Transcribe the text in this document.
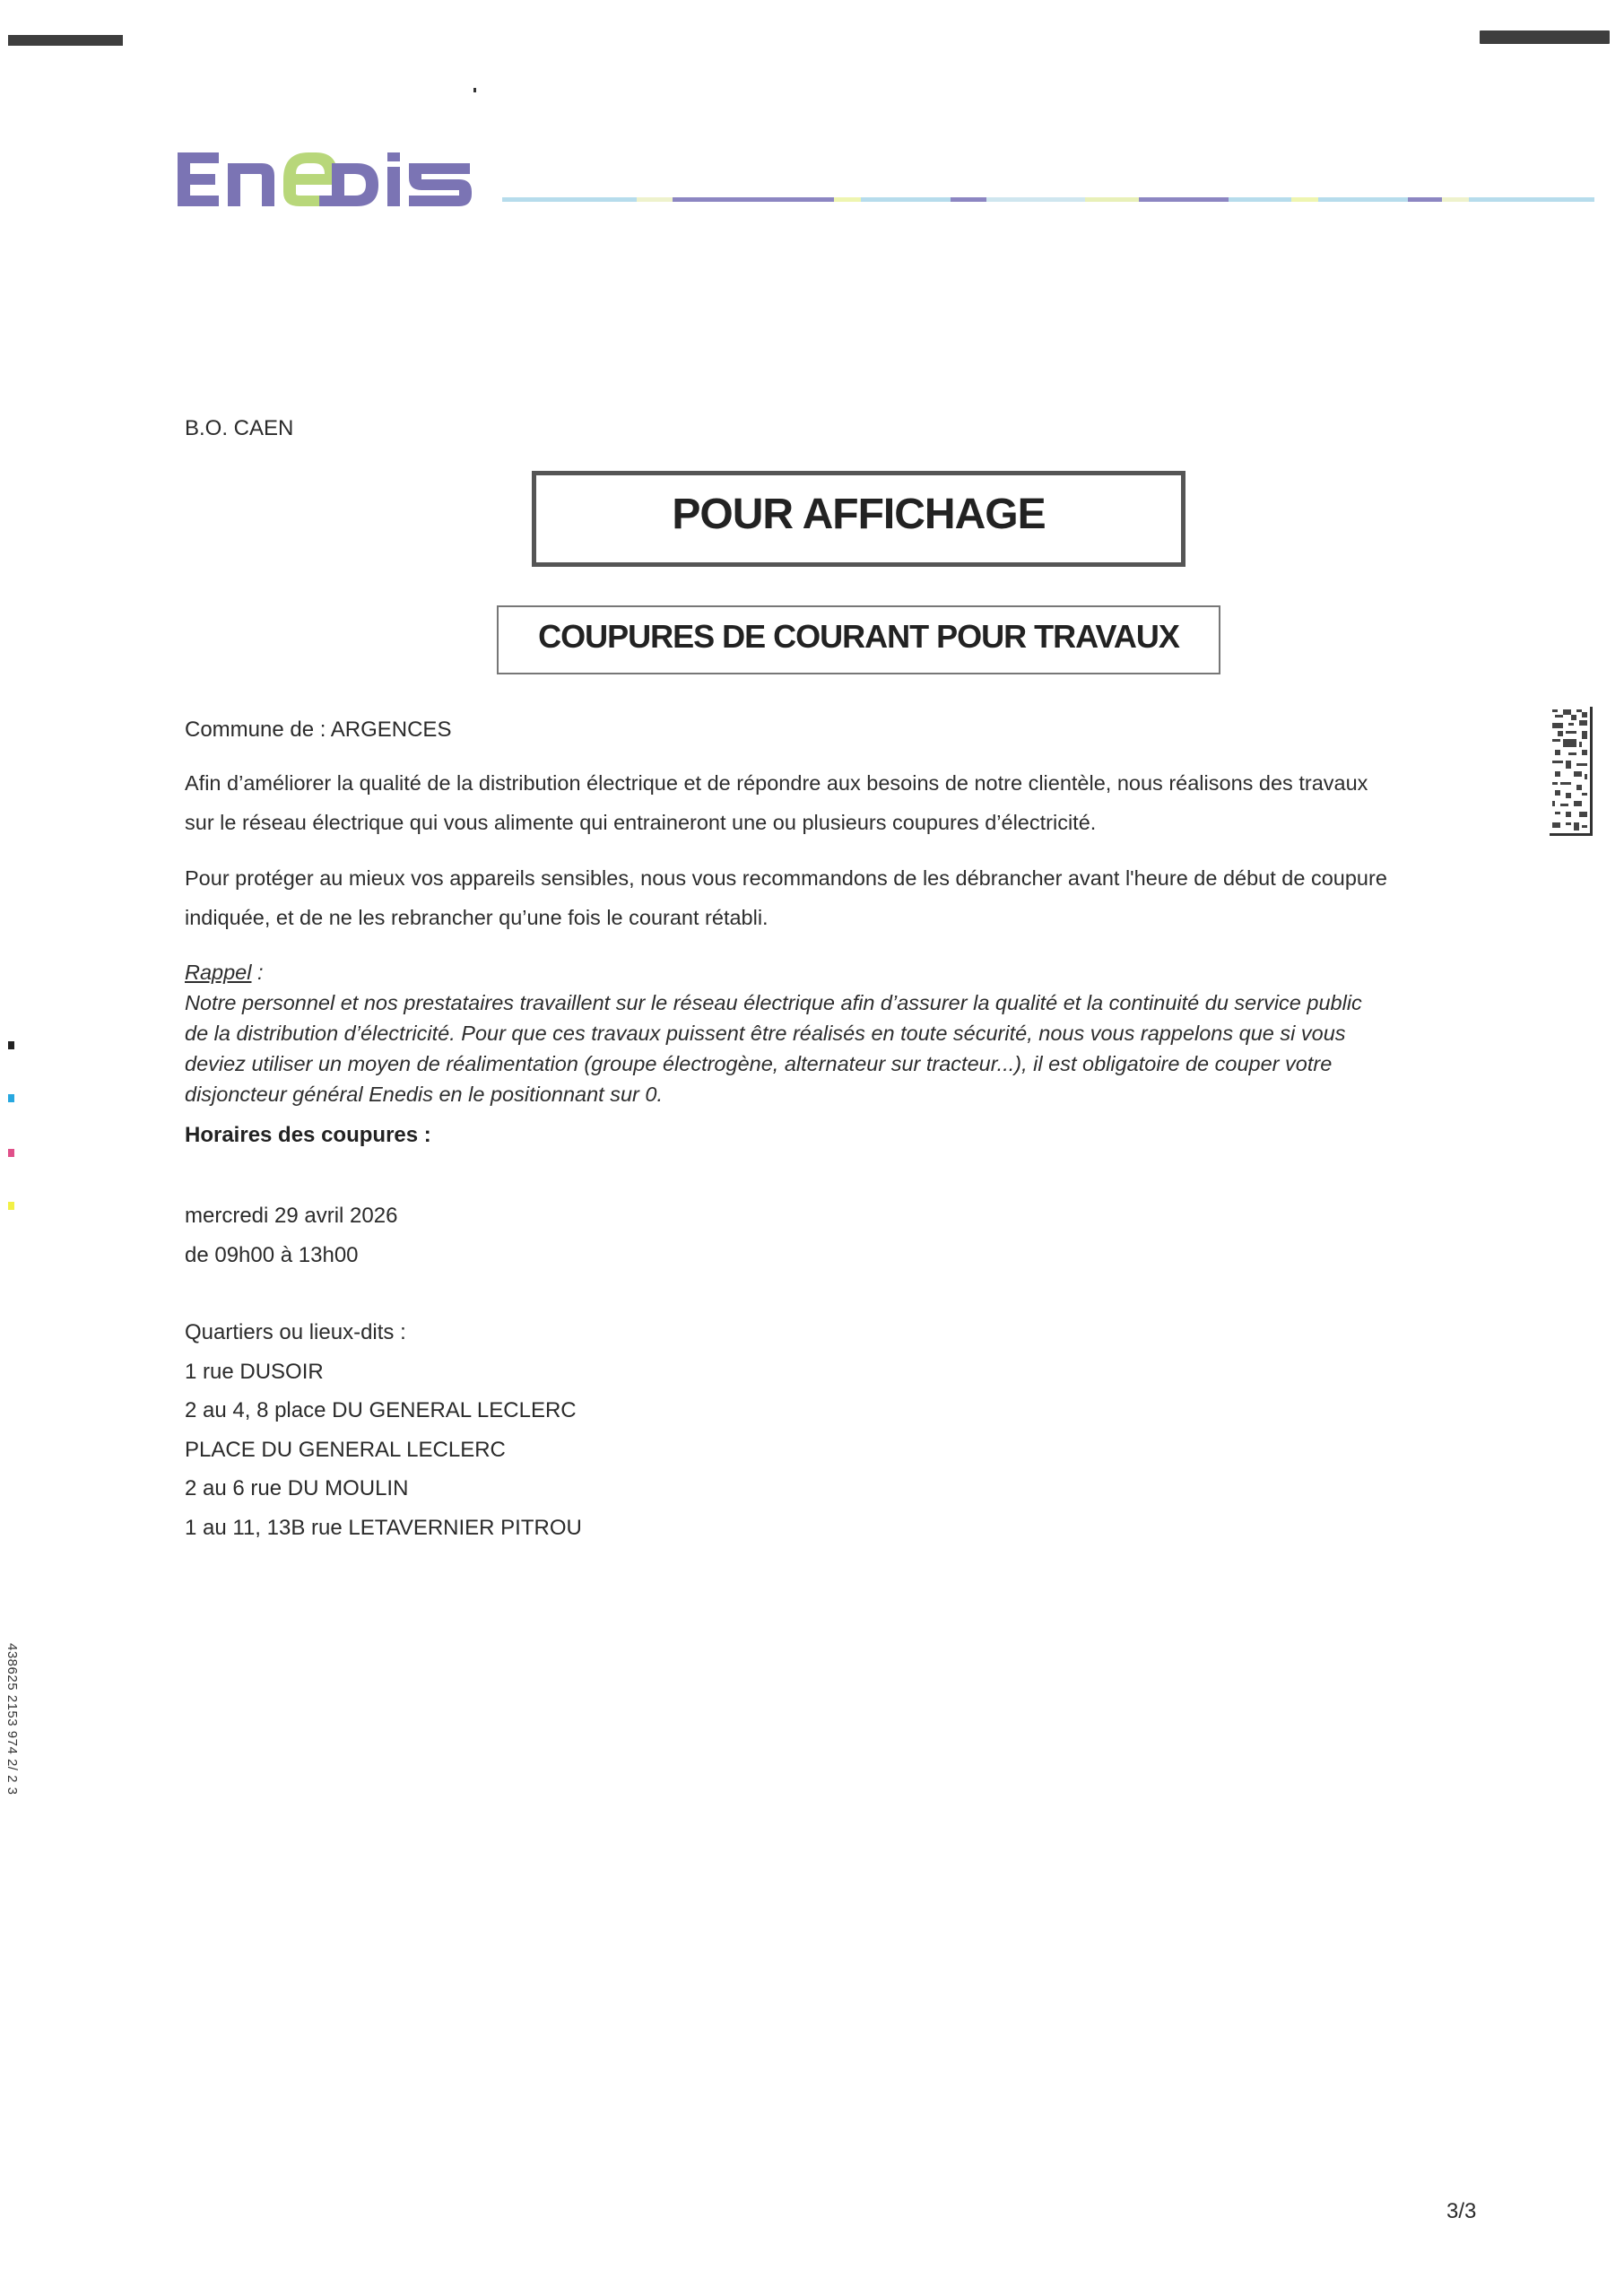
B.O. CAEN
POUR AFFICHAGE
COUPURES DE COURANT POUR TRAVAUX
Commune de : ARGENCES

Afin d’améliorer la qualité de la distribution électrique et de répondre aux besoins de notre clientèle, nous réalisons des travaux

sur le réseau électrique qui vous alimente qui entraineront une ou plusieurs coupures d’électricité.

Pour protéger au mieux vos appareils sensibles, nous vous recommandons de les débrancher avant l'heure de début de coupure

indiquée, et de ne les rebrancher qu’une fois le courant rétabli.

Rappel :

Notre personnel et nos prestataires travaillent sur le réseau électrique afin d’assurer la qualité et la continuité du service public

de la distribution d’électricité. Pour que ces travaux puissent être réalisés en toute sécurité, nous vous rappelons que si vous

deviez utiliser un moyen de réalimentation (groupe électrogène, alternateur sur tracteur...), il est obligatoire de couper votre

disjoncteur général Enedis en le positionnant sur 0.

Horaires des coupures :

mercredi 29 avril 2026

de 09h00 à 13h00

Quartiers ou lieux-dits :

1 rue DUSOIR

2 au 4, 8 place DU GENERAL LECLERC

PLACE DU GENERAL LECLERC

2 au 6 rue DU MOULIN

1 au 11, 13B rue LETAVERNIER PITROU

438625 2153 974 2/ 2 3
3/3
